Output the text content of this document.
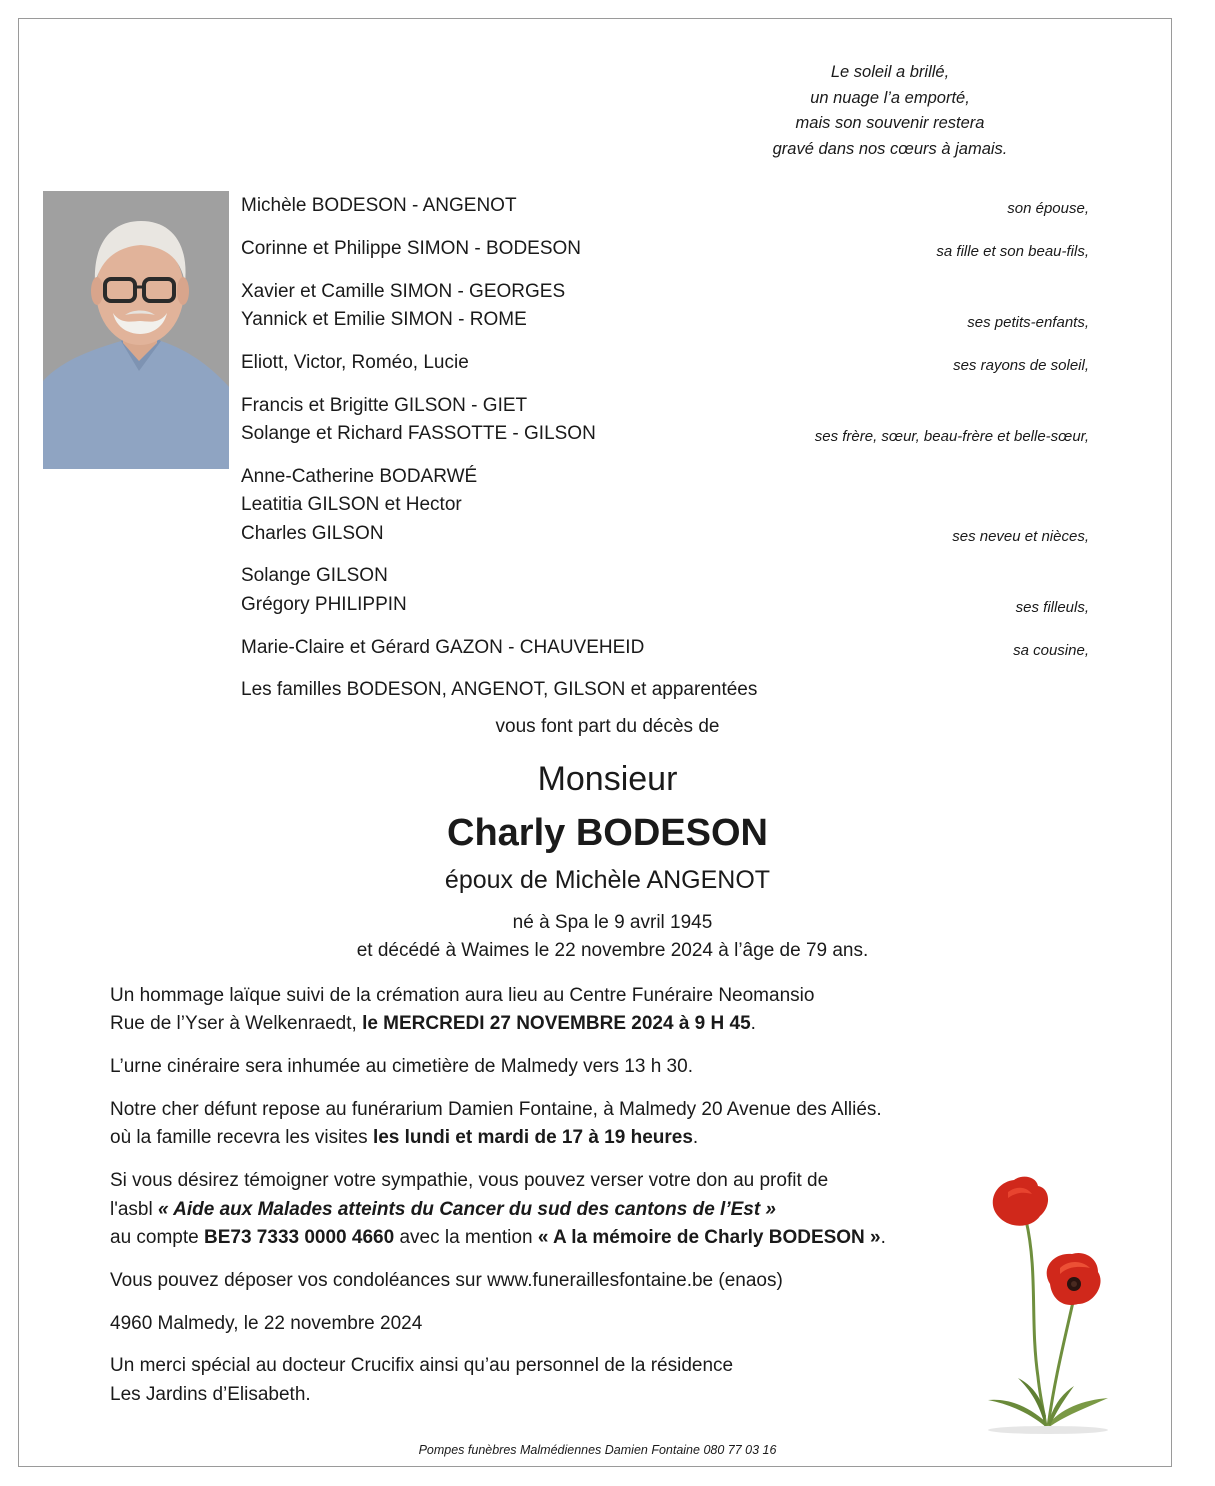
Le soleil a brillé,
un nuage l’a emporté,
mais son souvenir restera
gravé dans nos cœurs à jamais.
Michèle BODESON - ANGENOT	son épouse,
Corinne et Philippe SIMON - BODESON	sa fille et son beau-fils,
Xavier et Camille SIMON - GEORGES
Yannick et Emilie SIMON - ROME	ses petits-enfants,
Eliott, Victor, Roméo, Lucie	ses rayons de soleil,
Francis et Brigitte GILSON - GIET
Solange et Richard FASSOTTE - GILSON	ses frère, sœur, beau-frère et belle-sœur,
Anne-Catherine BODARWÉ
Leatitia GILSON et Hector
Charles GILSON	ses neveu et nièces,
Solange GILSON
Grégory PHILIPPIN	ses filleuls,
Marie-Claire et Gérard GAZON - CHAUVEHEID	sa cousine,
Les familles BODESON, ANGENOT, GILSON et apparentées
vous font part du décès de
Monsieur
Charly BODESON
époux de Michèle ANGENOT
né à Spa le 9 avril 1945
et décédé à Waimes le 22 novembre 2024 à l’âge de 79 ans.
Un hommage laïque suivi de la crémation aura lieu au Centre Funéraire Neomansio
Rue de l’Yser à Welkenraedt, le MERCREDI 27 NOVEMBRE 2024 à 9 H 45.
L’urne cinéraire sera inhumée au cimetière de Malmedy vers 13 h 30.
Notre cher défunt repose au funérarium Damien Fontaine, à Malmedy 20 Avenue des Alliés.
où la famille recevra les visites les lundi et mardi de 17 à 19 heures.
Si vous désirez témoigner votre sympathie, vous pouvez verser votre don au profit de
l'asbl « Aide aux Malades atteints du Cancer du sud des cantons de l’Est »
au compte BE73 7333 0000 4660 avec la mention « A la mémoire de Charly BODESON ».
Vous pouvez déposer vos condoléances sur www.funeraillesfontaine.be (enaos)
4960 Malmedy, le 22 novembre 2024
Un merci spécial au docteur Crucifix ainsi qu’au personnel de la résidence
Les Jardins d’Elisabeth.
Pompes funèbres Malmédiennes Damien Fontaine 080 77 03 16
